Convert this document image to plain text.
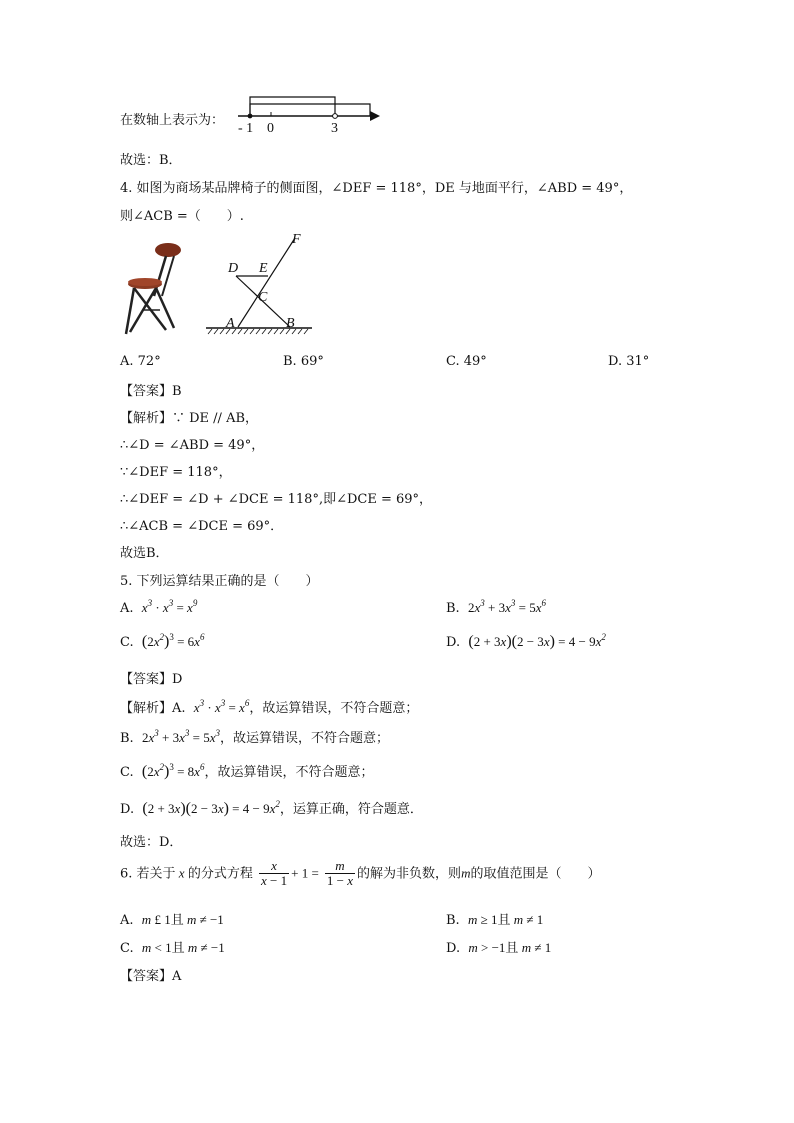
在数轴上表示为：
- 1 0	3
故选：B．
4. 如图为商场某品牌椅子的侧面图，∠DEF = 118°，DE 与地面平行，∠ABD = 49°，
则∠ACB =（　　）.
D E
F
C
A	B
A. 72°	B. 69°	C. 49°	D. 31°
【答案】B
【解析】∵ DE // AB，
∴∠D = ∠ABD = 49°，
∵∠DEF = 118°，
∴∠DEF = ∠D + ∠DCE = 118°,即∠DCE = 69°，
∴∠ACB = ∠DCE = 69°．
故选B．
5. 下列运算结果正确的是（　　）
A. $x^3 \cdot x^3 = x^9$	B. $2x^3 + 3x^3 = 5x^6$
C. $(2x^2)^3 = 6x^6$	D. $(2 + 3x)(2 - 3x) = 4 - 9x^2$
【答案】D
【解析】A. $x^3 \cdot x^3 = x^6$，故运算错误，不符合题意；
B. $2x^3 + 3x^3 = 5x^3$，故运算错误，不符合题意；
C. $(2x^2)^3 = 8x^6$，故运算错误，不符合题意；
D. $(2 + 3x)(2 - 3x) = 4 - 9x^2$，运算正确，符合题意．
故选：D．
6. 若关于 x 的分式方程 $\frac{x}{x - 1} + 1 = \frac{m}{1 - x}$ 的解为非负数，则m的取值范围是（　　）
A. m £ 1且 m ≠ −1	B. m ≥ 1且 m ≠ 1
C. m < 1且 m ≠ −1	D. m > −1且 m ≠ 1
【答案】A
